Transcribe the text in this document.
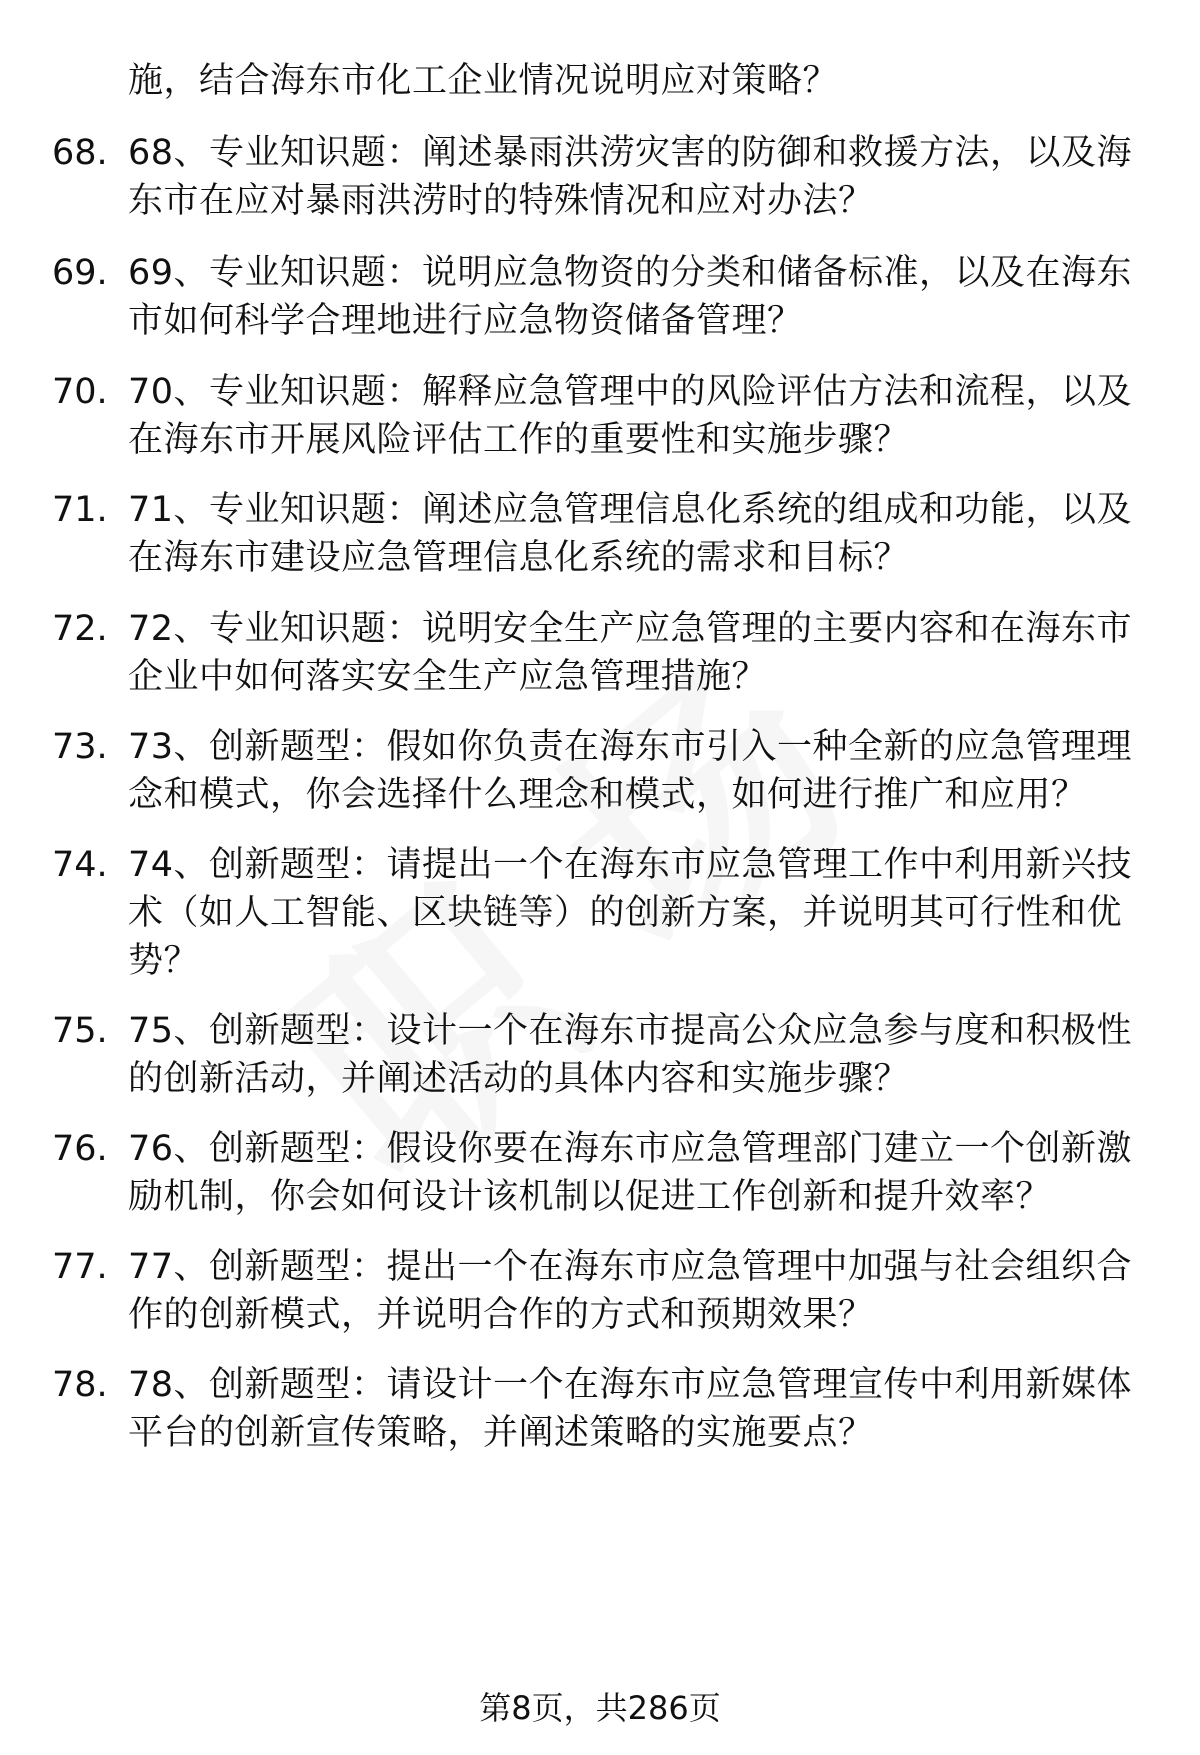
施，结合海东市化工企业情况说明应对策略？
68. 68、专业知识题：阐述暴雨洪涝灾害的防御和救援方法，以及海
东市在应对暴雨洪涝时的特殊情况和应对办法？
69. 69、专业知识题：说明应急物资的分类和储备标准，以及在海东
市如何科学合理地进行应急物资储备管理？
70. 70、专业知识题：解释应急管理中的风险评估方法和流程，以及
在海东市开展风险评估工作的重要性和实施步骤？
71. 71、专业知识题：阐述应急管理信息化系统的组成和功能，以及
在海东市建设应急管理信息化系统的需求和目标？
72. 72、专业知识题：说明安全生产应急管理的主要内容和在海东市
企业中如何落实安全生产应急管理措施？
73. 73、创新题型：假如你负责在海东市引入一种全新的应急管理理
念和模式，你会选择什么理念和模式，如何进行推广和应用？
74. 74、创新题型：请提出一个在海东市应急管理工作中利用新兴技
术（如人工智能、区块链等）的创新方案，并说明其可行性和优
势？
75. 75、创新题型：设计一个在海东市提高公众应急参与度和积极性
的创新活动，并阐述活动的具体内容和实施步骤？
76. 76、创新题型：假设你要在海东市应急管理部门建立一个创新激
励机制，你会如何设计该机制以促进工作创新和提升效率？
77. 77、创新题型：提出一个在海东市应急管理中加强与社会组织合
作的创新模式，并说明合作的方式和预期效果？
78. 78、创新题型：请设计一个在海东市应急管理宣传中利用新媒体
平台的创新宣传策略，并阐述策略的实施要点？
第8页，共286页
